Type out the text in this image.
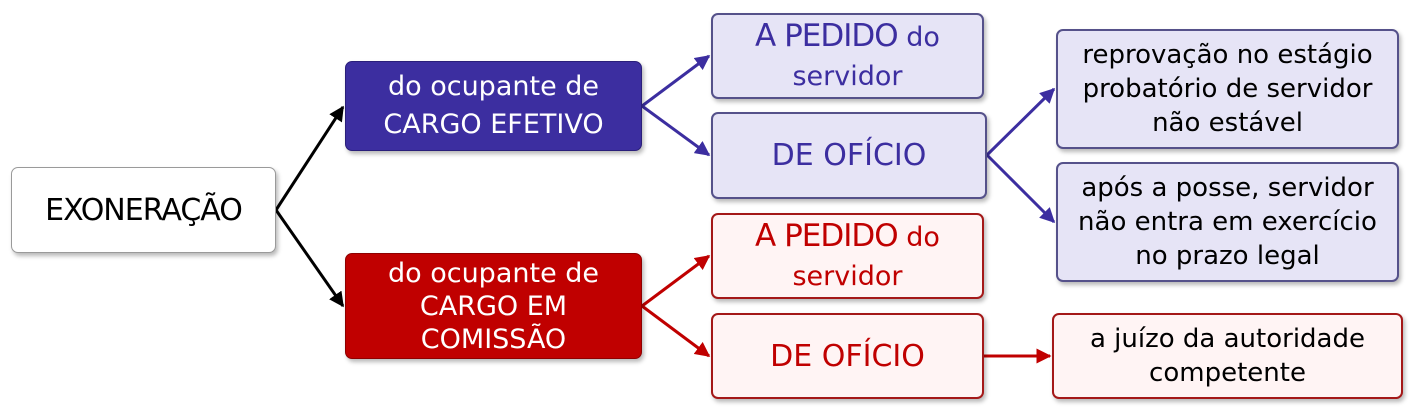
EXONERAÇÃO
do ocupante de
CARGO EFETIVO
do ocupante de
CARGO EM
COMISSÃO
A PEDIDO do
servidor
DE OFÍCIO
A PEDIDO do
servidor
DE OFÍCIO
reprovação no estágio
probatório de servidor
não estável
após a posse, servidor
não entra em exercício
no prazo legal
a juízo da autoridade
competente
